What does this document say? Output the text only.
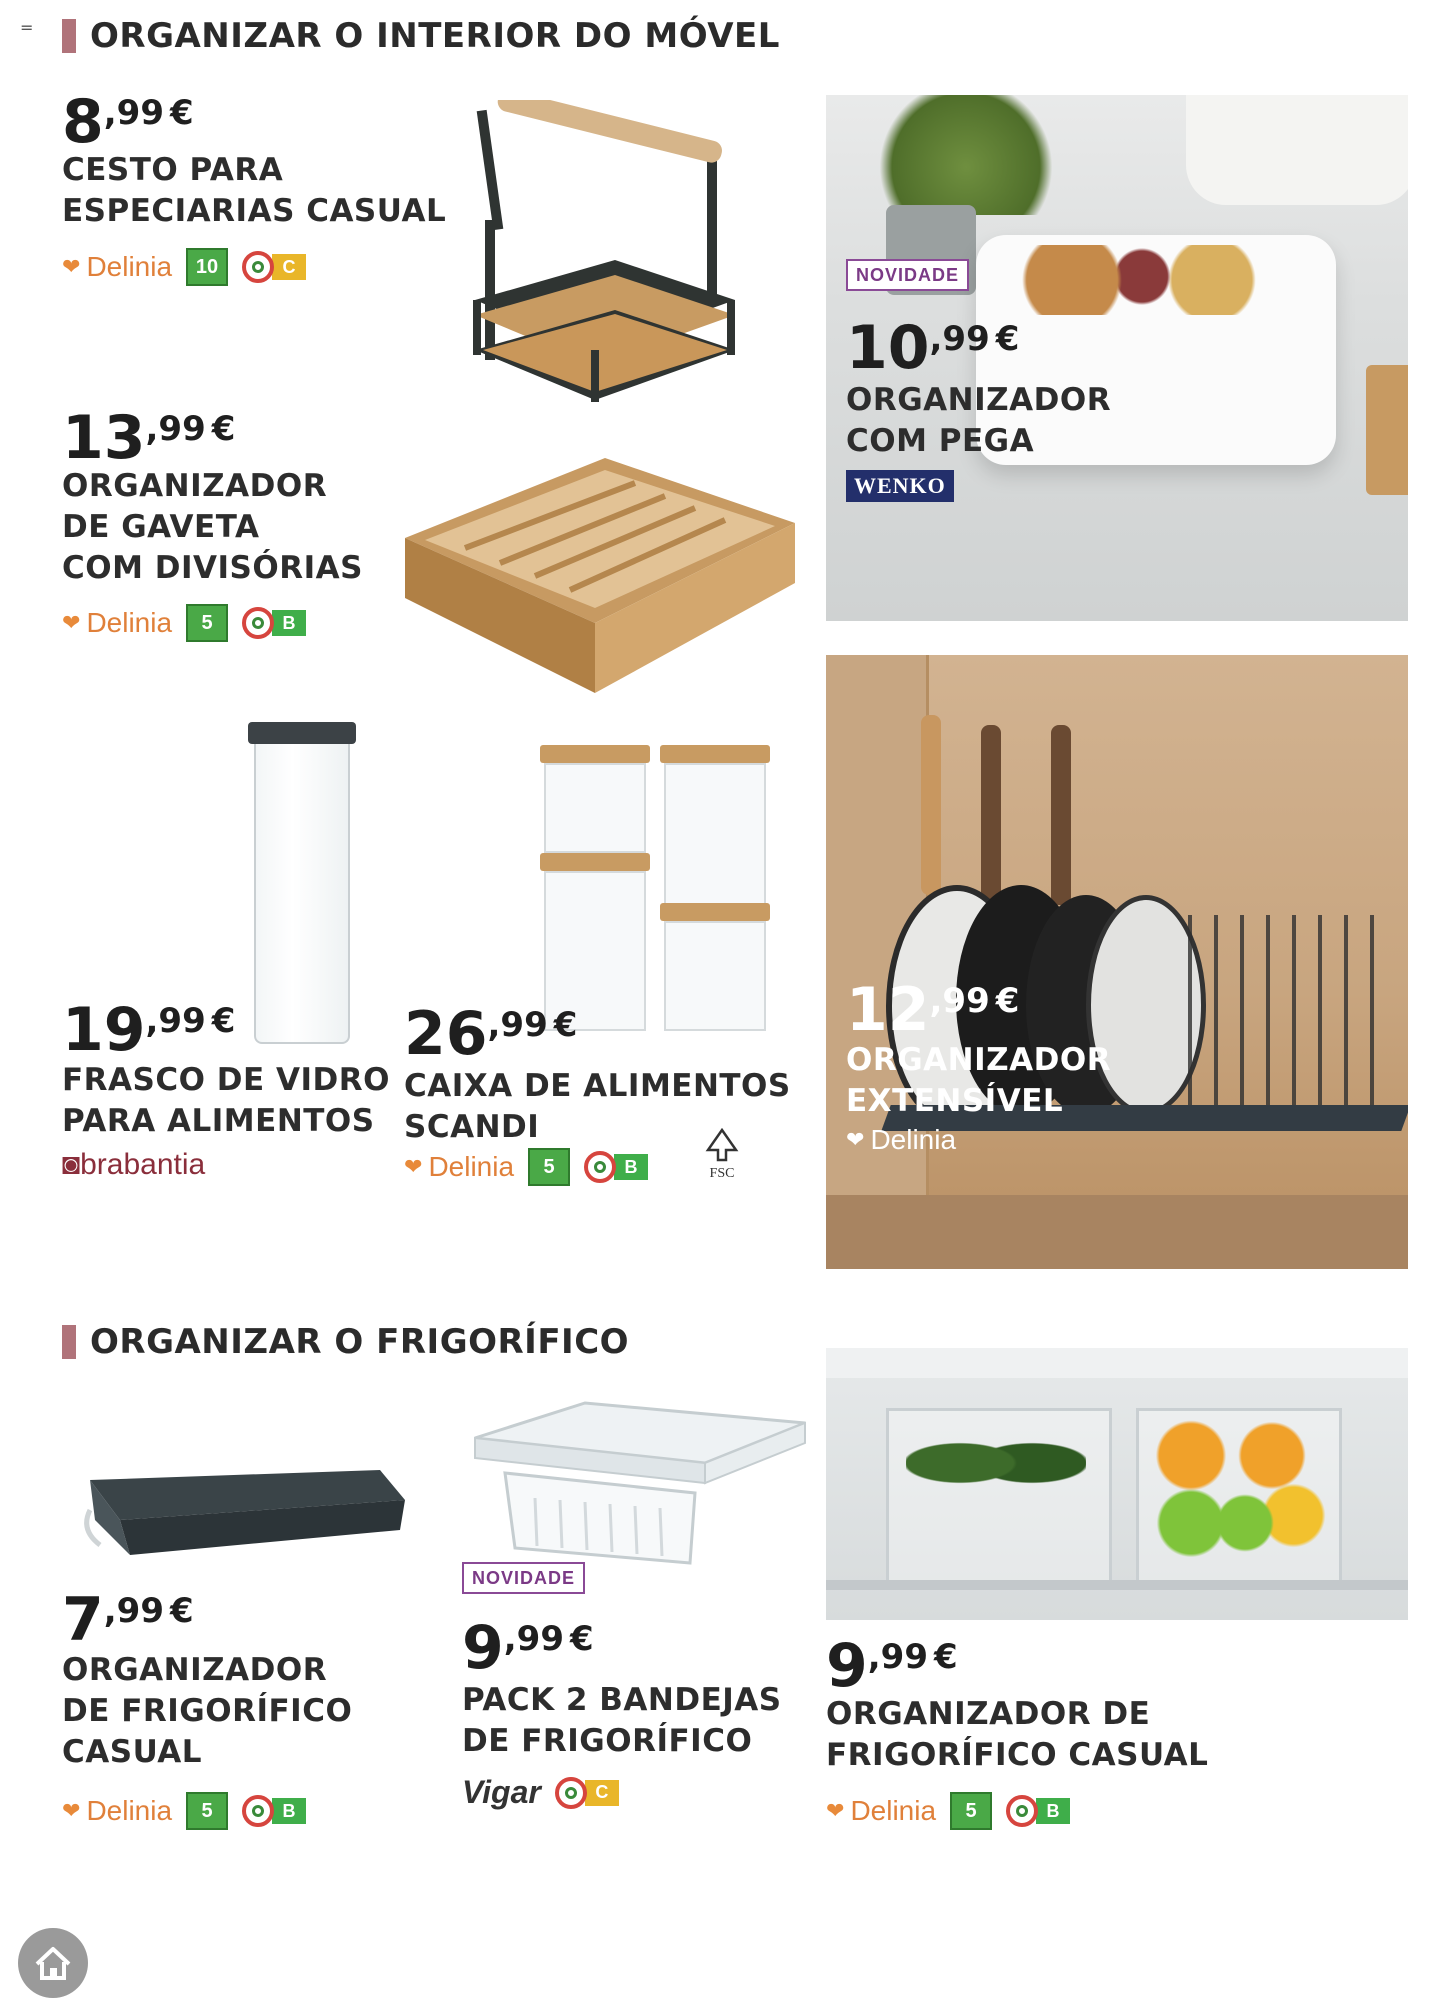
= ORGANIZAR O INTERIOR DO MÓVEL
8,99 €
CESTO PARA
ESPECIARIAS CASUAL
❤ Delinia	10	C
13,99 €
ORGANIZADOR
DE GAVETA
COM DIVISÓRIAS
❤ Delinia	5	B
NOVIDADE
10,99 €
ORGANIZADOR
COM PEGA
WENKO
19,99 €
FRASCO DE VIDRO
PARA ALIMENTOS
◙brabantia
26,99 €
CAIXA DE ALIMENTOS
SCANDI
❤ Delinia	5	B	FSC
12,99 €
ORGANIZADOR
EXTENSÍVEL
❤ Delinia
ORGANIZAR O FRIGORÍFICO
7,99 €
ORGANIZADOR
DE FRIGORÍFICO
CASUAL
❤ Delinia	5	B
NOVIDADE
9,99 €
PACK 2 BANDEJAS
DE FRIGORÍFICO
Vigar	C
9,99 €
ORGANIZADOR DE
FRIGORÍFICO CASUAL
❤ Delinia	5	B
